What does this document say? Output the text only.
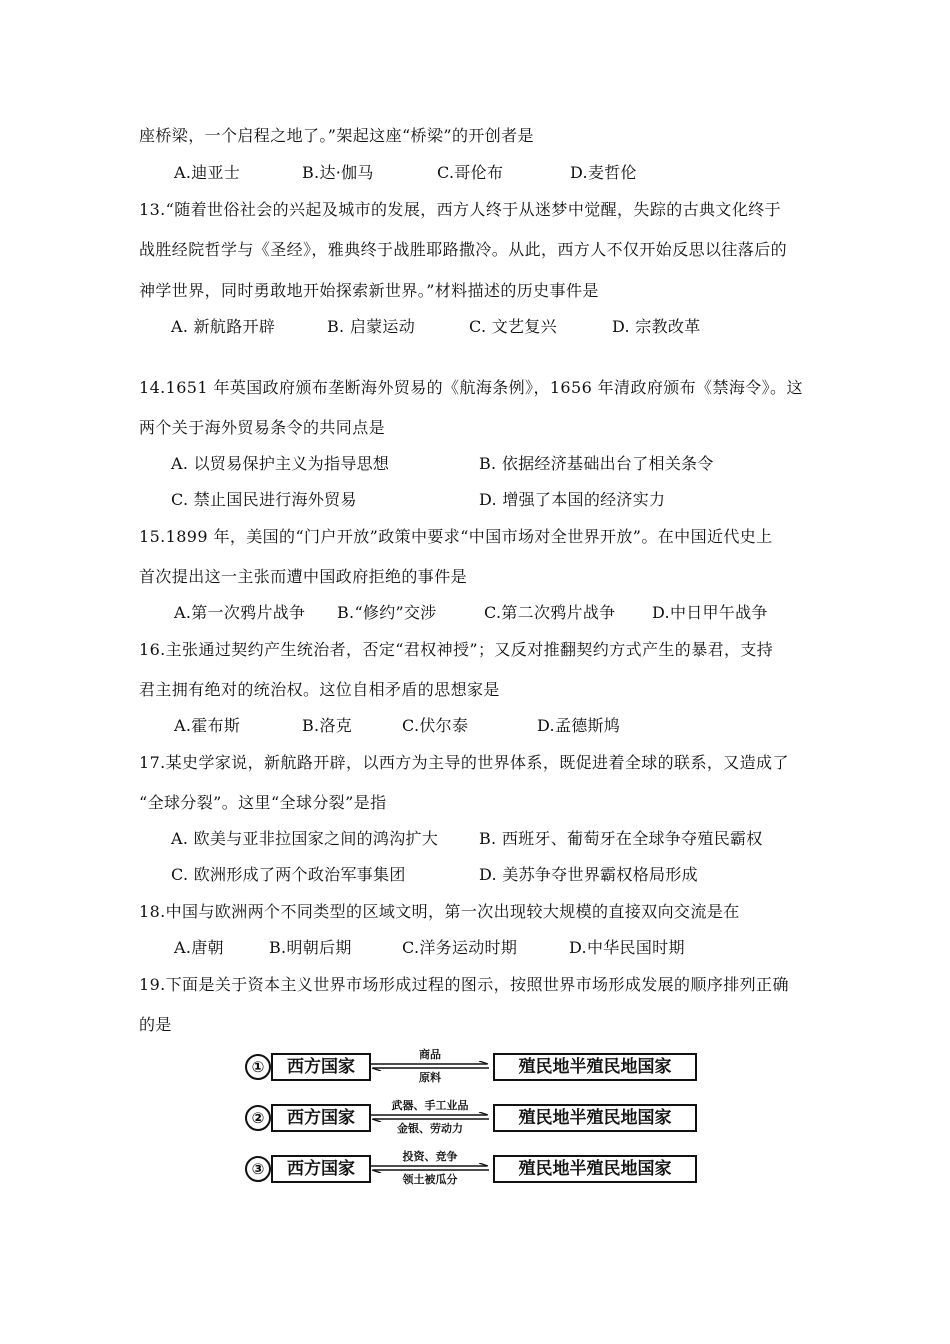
座桥梁，一个启程之地了。”架起这座“桥梁”的开创者是
A.迪亚士	B.达·伽马	C.哥伦布	D.麦哲伦
13.“随着世俗社会的兴起及城市的发展，西方人终于从迷梦中觉醒，失踪的古典文化终于
战胜经院哲学与《圣经》，雅典终于战胜耶路撒冷。从此，西方人不仅开始反思以往落后的
神学世界，同时勇敢地开始探索新世界。”材料描述的历史事件是
A. 新航路开辟	B. 启蒙运动	C. 文艺复兴	D. 宗教改革
14.1651 年英国政府颁布垄断海外贸易的《航海条例》，1656 年清政府颁布《禁海令》。这
两个关于海外贸易条令的共同点是
A. 以贸易保护主义为指导思想	B. 依据经济基础出台了相关条令
C. 禁止国民进行海外贸易	D. 增强了本国的经济实力
15.1899 年，美国的“门户开放”政策中要求“中国市场对全世界开放”。在中国近代史上
首次提出这一主张而遭中国政府拒绝的事件是
A.第一次鸦片战争 B.“修约”交涉	C.第二次鸦片战争 D.中日甲午战争
16.主张通过契约产生统治者，否定“君权神授”；又反对推翻契约方式产生的暴君，支持
君主拥有绝对的统治权。这位自相矛盾的思想家是
A.霍布斯	B.洛克	C.伏尔泰	D.孟德斯鸠
17.某史学家说，新航路开辟，以西方为主导的世界体系，既促进着全球的联系，又造成了
“全球分裂”。这里“全球分裂”是指
A. 欧美与亚非拉国家之间的鸿沟扩大	B. 西班牙、葡萄牙在全球争夺殖民霸权
C. 欧洲形成了两个政治军事集团	D. 美苏争夺世界霸权格局形成
18.中国与欧洲两个不同类型的区域文明，第一次出现较大规模的直接双向交流是在
A.唐朝	B.明朝后期	C.洋务运动时期	D.中华民国时期
19.下面是关于资本主义世界市场形成过程的图示，按照世界市场形成发展的顺序排列正确
的是
①	西方国家
商品
原料
殖民地半殖民地国家
②	西方国家
武器、手工业品
金银、劳动力
殖民地半殖民地国家
③	西方国家
投资、竞争
领土被瓜分
殖民地半殖民地国家
